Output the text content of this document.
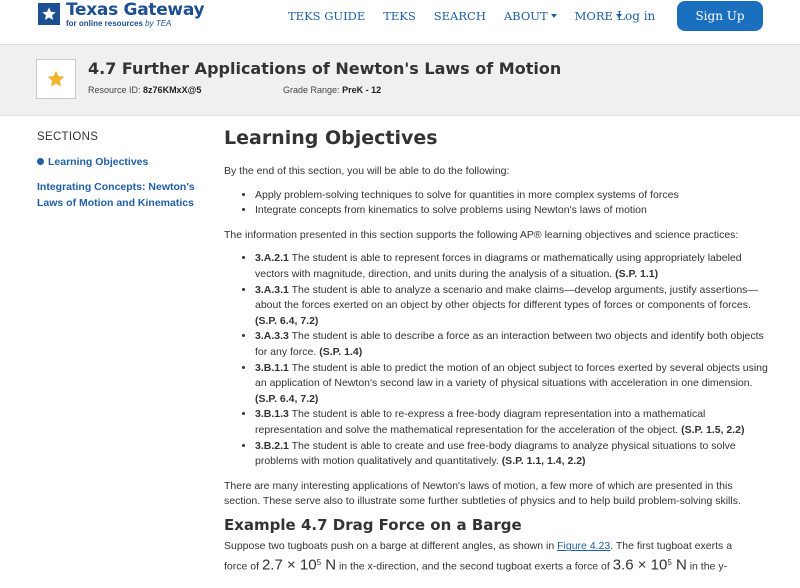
Texas Gateway
for online resources by TEA
TEKS GUIDE TEKS SEARCH ABOUT MORE Log in	Sign Up
4.7 Further Applications of Newton's Laws of Motion
Resource ID: 8z76KMxX@5	Grade Range: PreK - 12
SECTIONS
Learning Objectives
Integrating Concepts: Newton's
Laws of Motion and Kinematics
Learning Objectives

By the end of this section, you will be able to do the following:

• Apply problem-solving techniques to solve for quantities in more complex systems of forces
• Integrate concepts from kinematics to solve problems using Newton's laws of motion

The information presented in this section supports the following AP® learning objectives and science practices:

• 3.A.2.1 The student is able to represent forces in diagrams or mathematically using appropriately labeled vectors with magnitude, direction, and units during the analysis of a situation. (S.P. 1.1)
• 3.A.3.1 The student is able to analyze a scenario and make claims—develop arguments, justify assertions—about the forces exerted on an object by other objects for different types of forces or components of forces. (S.P. 6.4, 7.2)
• 3.A.3.3 The student is able to describe a force as an interaction between two objects and identify both objects for any force. (S.P. 1.4)
• 3.B.1.1 The student is able to predict the motion of an object subject to forces exerted by several objects using an application of Newton's second law in a variety of physical situations with acceleration in one dimension. (S.P. 6.4, 7.2)
• 3.B.1.3 The student is able to re-express a free-body diagram representation into a mathematical representation and solve the mathematical representation for the acceleration of the object. (S.P. 1.5, 2.2)
• 3.B.2.1 The student is able to create and use free-body diagrams to analyze physical situations to solve problems with motion qualitatively and quantitatively. (S.P. 1.1, 1.4, 2.2)

There are many interesting applications of Newton's laws of motion, a few more of which are presented in this section. These serve also to illustrate some further subtleties of physics and to help build problem-solving skills.

Example 4.7 Drag Force on a Barge

Suppose two tugboats push on a barge at different angles, as shown in Figure 4.23. The first tugboat exerts a
force of $2.7 \times 10^5$ N in the x-direction, and the second tugboat exerts a force of $3.6 \times 10^5$ N in the y-
